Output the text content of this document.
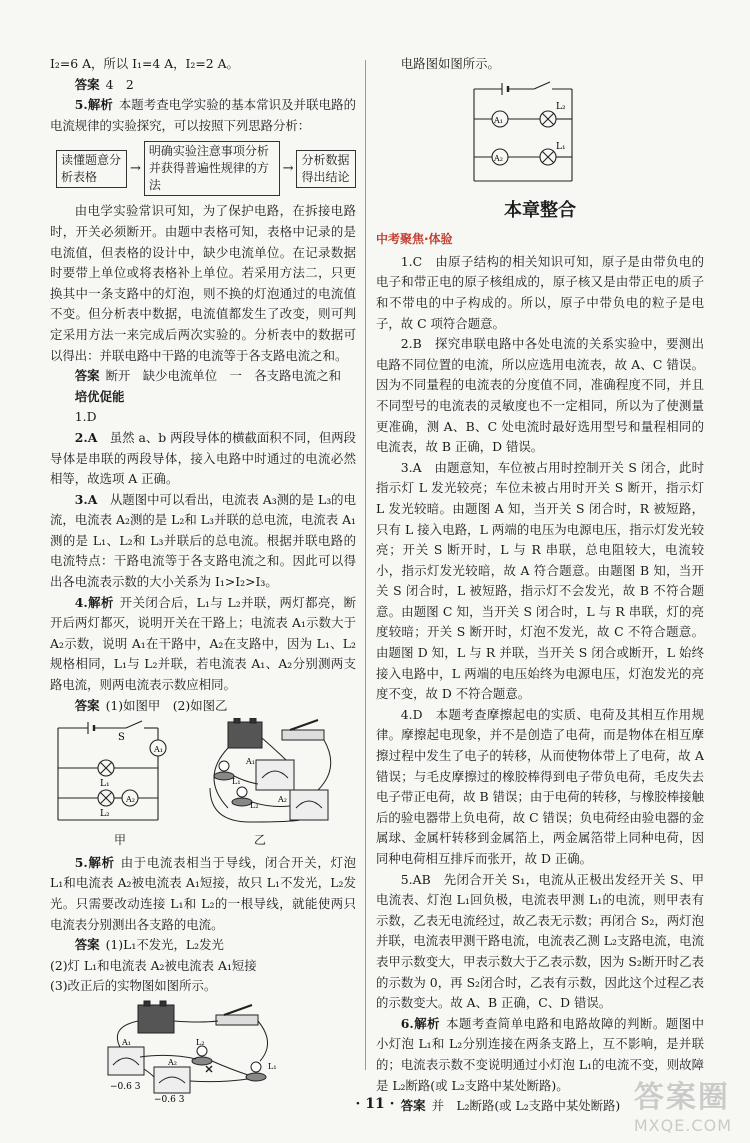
I₂=6 A，所以 I₁=4 A，I₂=2 A。

答案 4　2

5.解析 本题考查电学实验的基本常识及并联电路的电流规律的实验探究，可以按照下列思路分析：

读懂题意分析表格
→
明确实验注意事项分析并获得普遍性规律的方法
→
分析数据得出结论

由电学实验常识可知，为了保护电路，在拆接电路时，开关必须断开。由题中表格可知，表格中记录的是电流值，但表格的设计中，缺少电流单位。在记录数据时要带上单位或将表格补上单位。若采用方法二，只更换其中一条支路中的灯泡，则不换的灯泡通过的电流值不变。但分析表中数据，电流值都发生了改变，则可判定采用方法一来完成后两次实验的。分析表中的数据可以得出：并联电路中干路的电流等于各支路电流之和。

答案 断开　缺少电流单位　一　各支路电流之和

培优促能

1.D

2.A　 虽然 a、b 两段导体的横截面积不同，但两段导体是串联的两段导体，接入电路中时通过的电流必然相等，故选项 A 正确。

3.A　 从题图中可以看出，电流表 A₃测的是 L₃的电流，电流表 A₂测的是 L₂和 L₃并联的总电流，电流表 A₁测的是 L₁、L₂和 L₃并联后的总电流。根据并联电路的电流特点：干路电流等于各支路电流之和。因此可以得出各电流表示数的大小关系为 I₁>I₂>I₃。

4.解析 开关闭合后，L₁与 L₂并联，两灯都亮，断开后两灯都灭，说明开关在干路上；电流表 A₁示数大于 A₂示数，说明 A₁在干路中，A₂在支路中，因为 L₁、L₂规格相同，L₁与 L₂并联，若电流表 A₁、A₂分别测两支路电流，则两电流表示数应相同。

答案 (1)如图甲　(2)如图乙

S
A₁
L₁
L₂
A₂
A₁
L₁
L₂
A₂
甲	乙

5.解析 由于电流表相当于导线，闭合开关，灯泡 L₁和电流表 A₂被电流表 A₁短接，故只 L₁不发光，L₂发光。只需要改动连接 L₁和 L₂的一根导线，就能使两只电流表分别测出各支路的电流。

答案 (1)L₁不发光，L₂发光

(2)灯 L₁和电流表 A₂被电流表 A₁短接

(3)改正后的实物图如图所示。

A₁
A₂	L₁
L₂
−0.6 3
−0.6 3

电路图如图所示。

A₁
A₂
L₂
L₁
本章整合
中考聚焦·体验

1.C　由原子结构的相关知识可知，原子是由带负电的电子和带正电的原子核组成的，原子核又是由带正电的质子和不带电的中子构成的。所以，原子中带负电的粒子是电子，故 C 项符合题意。

2.B　探究串联电路中各处电流的关系实验中，要测出电路不同位置的电流，所以应选用电流表，故 A、C 错误。因为不同量程的电流表的分度值不同，准确程度不同，并且不同型号的电流表的灵敏度也不一定相同，所以为了使测量更准确，测 A、B、C 处电流时最好选用型号和量程相同的电流表，故 B 正确，D 错误。

3.A　由题意知，车位被占用时控制开关 S 闭合，此时指示灯 L 发光较亮；车位未被占用时开关 S 断开，指示灯 L 发光较暗。由题图 A 知，当开关 S 闭合时，R 被短路，只有 L 接入电路，L 两端的电压为电源电压，指示灯发光较亮；开关 S 断开时，L 与 R 串联，总电阻较大，电流较小，指示灯发光较暗，故 A 符合题意。由题图 B 知，当开关 S 闭合时，L 被短路，指示灯不会发光，故 B 不符合题意。由题图 C 知，当开关 S 闭合时，L 与 R 串联，灯的亮度较暗；开关 S 断开时，灯泡不发光，故 C 不符合题意。由题图 D 知，L 与 R 并联，当开关 S 闭合或断开，L 始终接入电路中，L 两端的电压始终为电源电压，灯泡发光的亮度不变，故 D 不符合题意。

4.D　本题考查摩擦起电的实质、电荷及其相互作用规律。摩擦起电现象，并不是创造了电荷，而是物体在相互摩擦过程中发生了电子的转移，从而使物体带上了电荷，故 A 错误；与毛皮摩擦过的橡胶棒得到电子带负电荷，毛皮失去电子带正电荷，故 B 错误；由于电荷的转移，与橡胶棒接触后的验电器带上负电荷，故 C 错误；负电荷经由验电器的金属球、金属杆转移到金属箔上，两金属箔带上同种电荷，因同种电荷相互排斥而张开，故 D 正确。

5.AB　先闭合开关 S₁，电流从正极出发经开关 S、甲电流表、灯泡 L₁回负极，电流表甲测 L₁的电流，则甲表有示数，乙表无电流经过，故乙表无示数；再闭合 S₂，两灯泡并联，电流表甲测干路电流，电流表乙测 L₂支路电流，电流表甲示数变大，甲表示数大于乙表示数，因为 S₂断开时乙表的示数为 0，再 S₂闭合时，乙表有示数，因此这个过程乙表的示数变大。故 A、B 正确，C、D 错误。

6.解析 本题考查简单电路和电路故障的判断。题图中小灯泡 L₁和 L₂分别连接在两条支路上，互不影响，是并联的；电流表示数不变说明通过小灯泡 L₁的电流不变，则故障是 L₂断路(或 L₂支路中某处断路)。

答案 并　L₂断路(或 L₂支路中某处断路)

· 11 ·	答案圈
MXQE.COM
